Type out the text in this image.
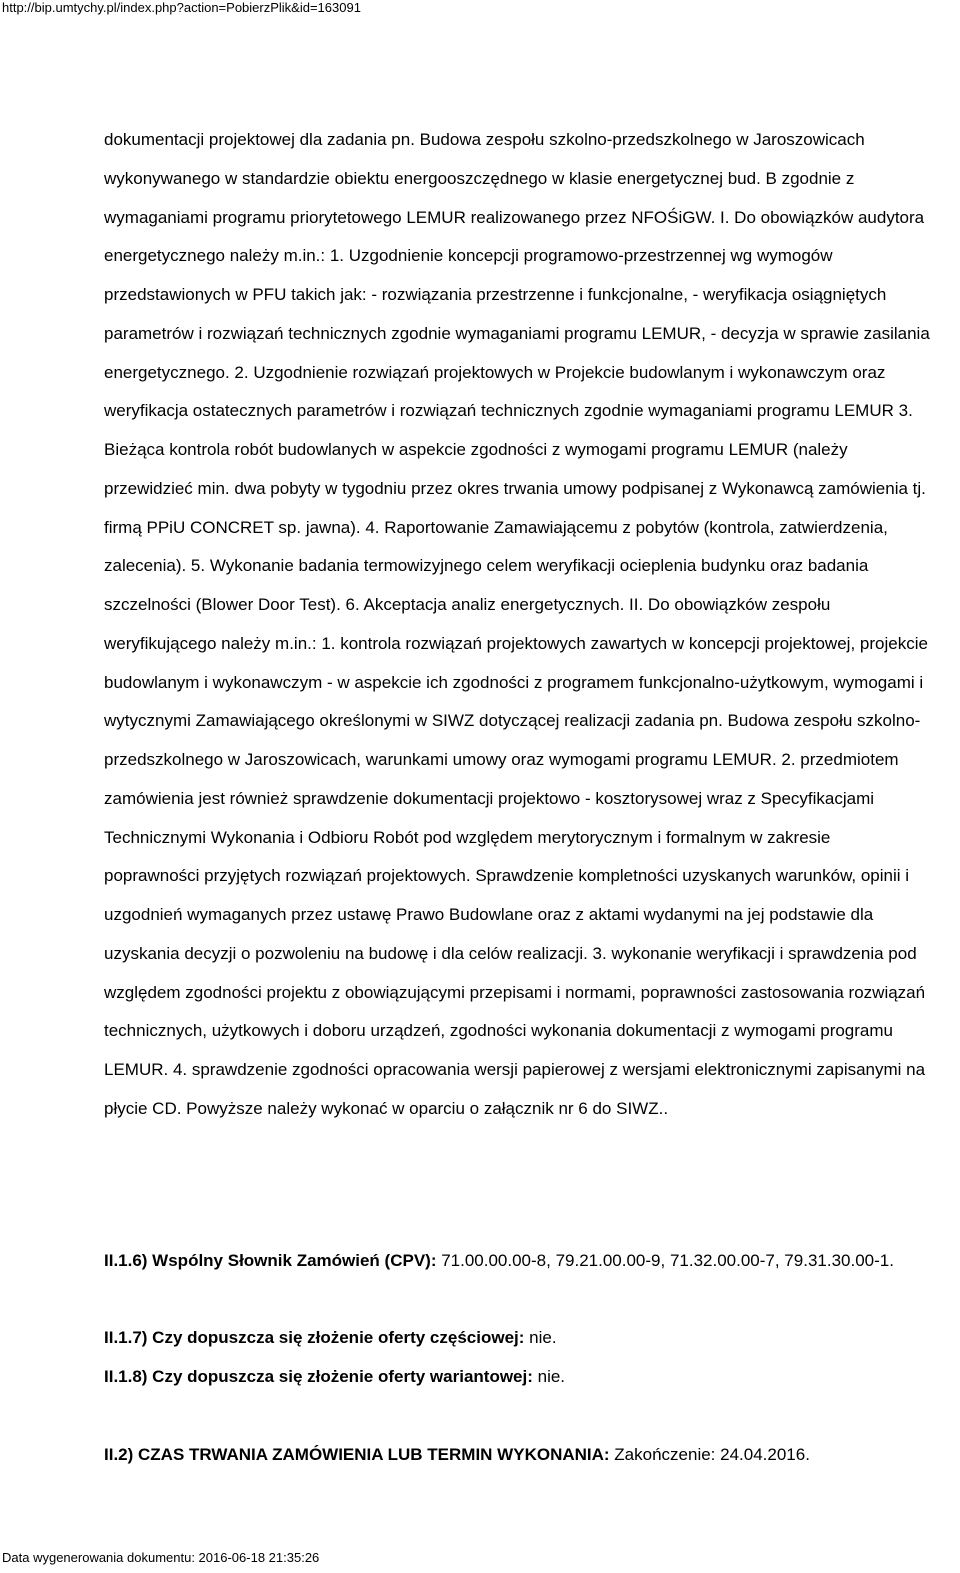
http://bip.umtychy.pl/index.php?action=PobierzPlik&id=163091

dokumentacji projektowej dla zadania pn. Budowa zespołu szkolno-przedszkolnego w Jaroszowicach wykonywanego w standardzie obiektu energooszczędnego w klasie energetycznej bud. B zgodnie z wymaganiami programu priorytetowego LEMUR realizowanego przez NFOŚiGW. I. Do obowiązków audytora energetycznego należy m.in.: 1. Uzgodnienie koncepcji programowo-przestrzennej wg wymogów przedstawionych w PFU takich jak: - rozwiązania przestrzenne i funkcjonalne, - weryfikacja osiągniętych parametrów i rozwiązań technicznych zgodnie wymaganiami programu LEMUR, - decyzja w sprawie zasilania energetycznego. 2. Uzgodnienie rozwiązań projektowych w Projekcie budowlanym i wykonawczym oraz weryfikacja ostatecznych parametrów i rozwiązań technicznych zgodnie wymaganiami programu LEMUR 3. Bieżąca kontrola robót budowlanych w aspekcie zgodności z wymogami programu LEMUR (należy przewidzieć min. dwa pobyty w tygodniu przez okres trwania umowy podpisanej z Wykonawcą zamówienia tj. firmą PPiU CONCRET sp. jawna). 4. Raportowanie Zamawiającemu z pobytów (kontrola, zatwierdzenia, zalecenia). 5. Wykonanie badania termowizyjnego celem weryfikacji ocieplenia budynku oraz badania szczelności (Blower Door Test). 6. Akceptacja analiz energetycznych. II. Do obowiązków zespołu weryfikującego należy m.in.: 1. kontrola rozwiązań projektowych zawartych w koncepcji projektowej, projekcie budowlanym i wykonawczym - w aspekcie ich zgodności z programem funkcjonalno-użytkowym, wymogami i wytycznymi Zamawiającego określonymi w SIWZ dotyczącej realizacji zadania pn. Budowa zespołu szkolno-przedszkolnego w Jaroszowicach, warunkami umowy oraz wymogami programu LEMUR. 2. przedmiotem zamówienia jest również sprawdzenie dokumentacji projektowo - kosztorysowej wraz z Specyfikacjami Technicznymi Wykonania i Odbioru Robót pod względem merytorycznym i formalnym w zakresie poprawności przyjętych rozwiązań projektowych. Sprawdzenie kompletności uzyskanych warunków, opinii i uzgodnień wymaganych przez ustawę Prawo Budowlane oraz z aktami wydanymi na jej podstawie dla uzyskania decyzji o pozwoleniu na budowę i dla celów realizacji. 3. wykonanie weryfikacji i sprawdzenia pod względem zgodności projektu z obowiązującymi przepisami i normami, poprawności zastosowania rozwiązań technicznych, użytkowych i doboru urządzeń, zgodności wykonania dokumentacji z wymogami programu LEMUR. 4. sprawdzenie zgodności opracowania wersji papierowej z wersjami elektronicznymi zapisanymi na płycie CD. Powyższe należy wykonać w oparciu o załącznik nr 6 do SIWZ..

II.1.6) Wspólny Słownik Zamówień (CPV): 71.00.00.00-8, 79.21.00.00-9, 71.32.00.00-7, 79.31.30.00-1.
II.1.7) Czy dopuszcza się złożenie oferty częściowej: nie.
II.1.8) Czy dopuszcza się złożenie oferty wariantowej: nie.
II.2) CZAS TRWANIA ZAMÓWIENIA LUB TERMIN WYKONANIA: Zakończenie: 24.04.2016.
Data wygenerowania dokumentu: 2016-06-18 21:35:26
